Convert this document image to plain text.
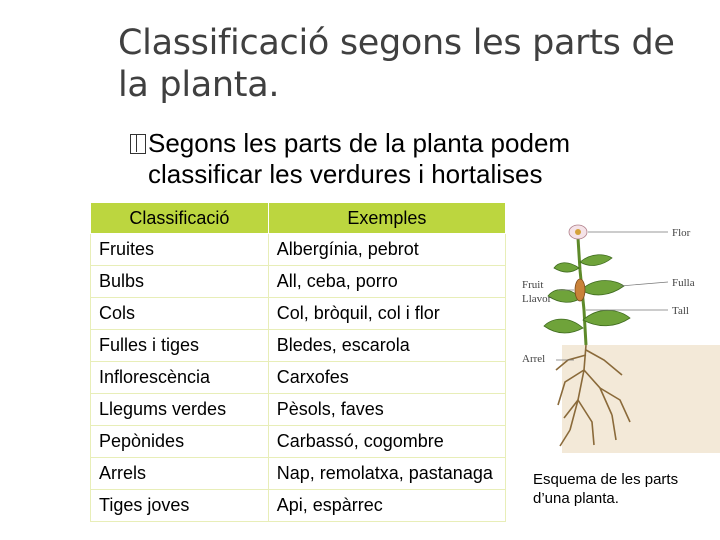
Classificació segons les parts de la planta.
Segons les parts de la planta podem
classificar les verdures i hortalises
Classificació	Exemples
Fruites	Albergínia, pebrot
Bulbs	All, ceba, porro
Cols	Col, bròquil, col i flor
Fulles i tiges	Bledes, escarola
Inflorescència	Carxofes
Llegums verdes	Pèsols, faves
Pepònides	Carbassó, cogombre
Arrels	Nap, remolatxa, pastanaga
Tiges joves	Api, espàrrec
Flor
Fruit
Llavor
Fulla
Tall
Arrel
Esquema de les parts d’una planta.
